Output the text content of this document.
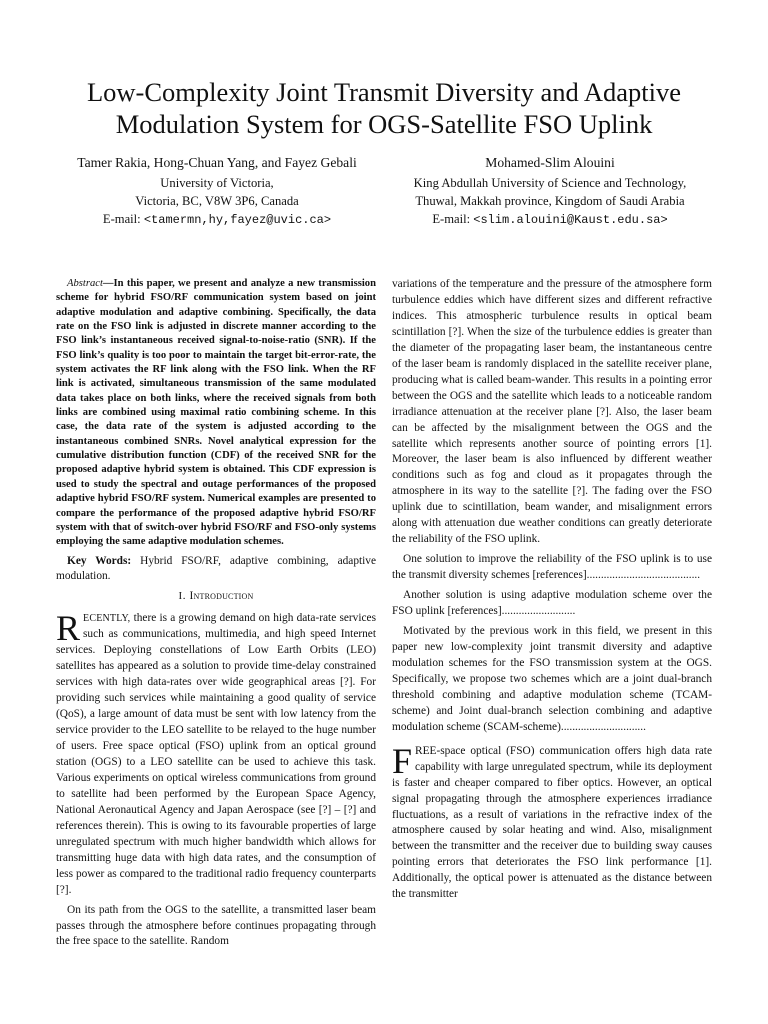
Low-Complexity Joint Transmit Diversity and Adaptive
Modulation System for OGS-Satellite FSO Uplink
Tamer Rakia, Hong-Chuan Yang, and Fayez Gebali
University of Victoria,
Victoria, BC, V8W 3P6, Canada
E-mail: <tamermn,hy,fayez@uvic.ca>
Mohamed-Slim Alouini
King Abdullah University of Science and Technology,
Thuwal, Makkah province, Kingdom of Saudi Arabia
E-mail: <slim.alouini@Kaust.edu.sa>

Abstract—In this paper, we present and analyze a new transmission scheme for hybrid FSO/RF communication system based on joint adaptive modulation and adaptive combining. Specifically, the data rate on the FSO link is adjusted in discrete manner according to the FSO link’s instantaneous received signal-to-noise-ratio (SNR). If the FSO link’s quality is too poor to maintain the target bit-error-rate, the system activates the RF link along with the FSO link. When the RF link is activated, simultaneous transmission of the same modulated data takes place on both links, where the received signals from both links are combined using maximal ratio combining scheme. In this case, the data rate of the system is adjusted according to the instantaneous combined SNRs. Novel analytical expression for the cumulative distribution function (CDF) of the received SNR for the proposed adaptive hybrid system is obtained. This CDF expression is used to study the spectral and outage performances of the proposed adaptive hybrid FSO/RF system. Numerical examples are presented to compare the performance of the proposed adaptive hybrid FSO/RF system with that of switch-over hybrid FSO/RF and FSO-only systems employing the same adaptive modulation schemes.

Key Words: Hybrid FSO/RF, adaptive combining, adaptive modulation.

I. Introduction

RECENTLY, there is a growing demand on high data-rate services such as communications, multimedia, and high speed Internet services. Deploying constellations of Low Earth Orbits (LEO) satellites has appeared as a solution to provide time-delay constrained services with high data-rates over wide geographical areas [?]. For providing such services while maintaining a good quality of service (QoS), a large amount of data must be sent with low latency from the service provider to the LEO satellite to be relayed to the huge number of users. Free space optical (FSO) uplink from an optical ground station (OGS) to a LEO satellite can be used to achieve this task. Various experiments on optical wireless communications from ground to satellite had been performed by the European Space Agency, National Aeronautical Agency and Japan Aerospace (see [?] – [?] and references therein). This is owing to its favourable properties of large unregulated spectrum with much higher bandwidth which allows for transmitting huge data with high data rates, and the consumption of less power as compared to the traditional radio frequency counterparts [?].

On its path from the OGS to the satellite, a transmitted laser beam passes through the atmosphere before continues propagating through the free space to the satellite. Random

variations of the temperature and the pressure of the atmosphere form turbulence eddies which have different sizes and different refractive indices. This atmospheric turbulence results in optical beam scintillation [?]. When the size of the turbulence eddies is greater than the diameter of the propagating laser beam, the instantaneous centre of the laser beam is randomly displaced in the satellite receiver plane, producing what is called beam-wander. This results in a pointing error between the OGS and the satellite which leads to a noticeable random irradiance attenuation at the receiver plane [?]. Also, the laser beam can be affected by the misalignment between the OGS and the satellite which represents another source of pointing errors [1]. Moreover, the laser beam is also influenced by different weather conditions such as fog and cloud as it propagates through the atmosphere in its way to the satellite [?]. The fading over the FSO uplink due to scintillation, beam wander, and misalignment errors along with attenuation due weather conditions can greatly deteriorate the reliability of the FSO uplink.

One solution to improve the reliability of the FSO uplink is to use the transmit diversity schemes [references]........................................

Another solution is using adaptive modulation scheme over the FSO uplink [references]..........................

Motivated by the previous work in this field, we present in this paper new low-complexity joint transmit diversity and adaptive modulation schemes for the FSO transmission system at the OGS. Specifically, we propose two schemes which are a joint dual-branch threshold combining and adaptive modulation scheme (TCAM-scheme) and Joint dual-branch selection combining and adaptive modulation scheme (SCAM-scheme)..............................

FREE-space optical (FSO) communication offers high data rate capability with large unregulated spectrum, while its deployment is faster and cheaper compared to fiber optics. However, an optical signal propagating through the atmosphere experiences irradiance fluctuations, as a result of variations in the refractive index of the atmosphere caused by solar heating and wind. Also, misalignment between the transmitter and the receiver due to building sway causes pointing errors that deteriorates the FSO link performance [1]. Additionally, the optical power is attenuated as the distance between the transmitter
